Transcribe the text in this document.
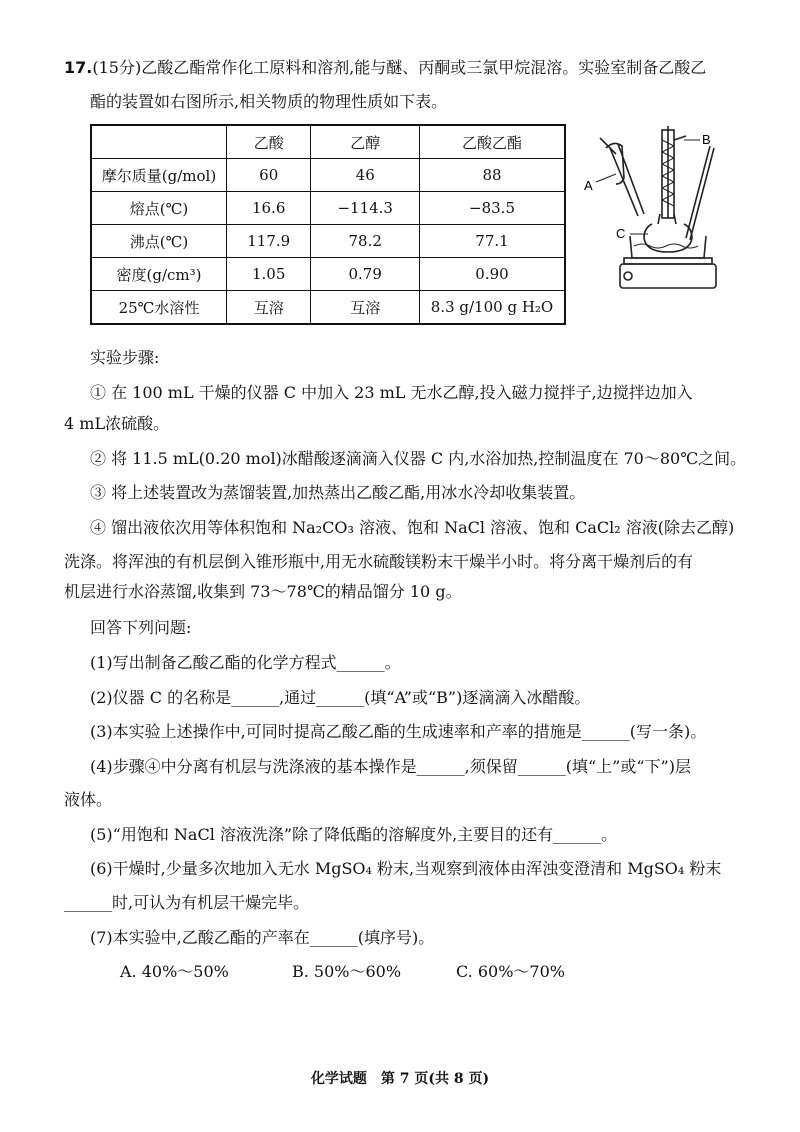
17.(15分)乙酸乙酯常作化工原料和溶剂,能与醚、丙酮或三氯甲烷混溶。实验室制备乙酸乙
酯的装置如右图所示,相关物质的物理性质如下表。
	乙酸	乙醇	乙酸乙酯
摩尔质量(g/mol)	60	46	88
熔点(℃)	16.6	−114.3	−83.5
沸点(℃)	117.9	78.2	77.1
密度(g/cm³)	1.05	0.79	0.90
25℃水溶性	互溶	互溶	8.3 g/100 g H₂O
A
B
C
实验步骤:
① 在 100 mL 干燥的仪器 C 中加入 23 mL 无水乙醇,投入磁力搅拌子,边搅拌边加入
4 mL浓硫酸。
② 将 11.5 mL(0.20 mol)冰醋酸逐滴滴入仪器 C 内,水浴加热,控制温度在 70～80℃之间。
③ 将上述装置改为蒸馏装置,加热蒸出乙酸乙酯,用冰水冷却收集装置。
④ 馏出液依次用等体积饱和 Na₂CO₃ 溶液、饱和 NaCl 溶液、饱和 CaCl₂ 溶液(除去乙醇)
洗涤。将浑浊的有机层倒入锥形瓶中,用无水硫酸镁粉末干燥半小时。将分离干燥剂后的有
机层进行水浴蒸馏,收集到 73～78℃的精品馏分 10 g。
回答下列问题:
(1)写出制备乙酸乙酯的化学方程式______。
(2)仪器 C 的名称是______,通过______(填“A”或“B”)逐滴滴入冰醋酸。
(3)本实验上述操作中,可同时提高乙酸乙酯的生成速率和产率的措施是______(写一条)。
(4)步骤④中分离有机层与洗涤液的基本操作是______,须保留______(填“上”或“下”)层
液体。
(5)“用饱和 NaCl 溶液洗涤”除了降低酯的溶解度外,主要目的还有______。
(6)干燥时,少量多次地加入无水 MgSO₄ 粉末,当观察到液体由浑浊变澄清和 MgSO₄ 粉末
______时,可认为有机层干燥完毕。
(7)本实验中,乙酸乙酯的产率在______(填序号)。
A. 40%～50%	B. 50%～60%	C. 60%～70%
化学试题　第 7 页(共 8 页)
